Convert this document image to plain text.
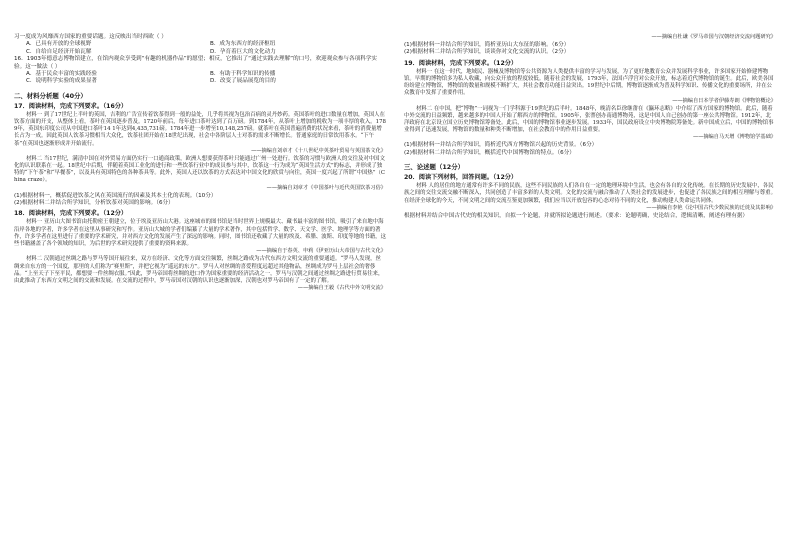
习一度成为风靡西方国家的重要话题。这反映出当时西欧（ ）

A．已具有开放的全球视野	B．成为东西方的经济枢纽

C．自给自足经济开始瓦解	D．孕育着巨大的文化动力

16．1903年德意志博物馆建立，在馆内观众享受到“有趣的机器作品”的愿望；相反，它推出了“通过实践去理解”的口号，欢迎观众参与各项科学实验。这一做法（ ）

A．基于民众丰富的实践经验	B．有助于科学知识的传播

C．说明科学实验的成果显著	D．改变了展品展览的目的

二、材料分析题（40分）

17．阅读材料，完成下列要求。（16分）

材料一 到了17世纪上半叶的英国，吉利的广告宣传着饮茶得到一般的益处，几乎将其视为包治百病的灵丹妙药。英国茶叶的进口数量在增加，英国人在饮茶方面的开支，从整体上看，茶叶在英国逐步普及。1720年前后，每年进口茶叶达到了百万磅。到1784年，从茶叶上增加的税收为一项丰厚的收入。1789年，英国东印度公司从中国进口茶叶14 1年达到4,435,731磅。1784年进一步增至10,148,257磅。就茶叶在英国普遍消费的状况来看，茶叶的消费量增长占为一成。因此英国人饮茶习惯相当大众化，饮茶社团开始在18世纪出现，社会中各阶层人士对茶的需求不断增长。普通家庭的日常饮用茶水。“下午茶”在英国也逐渐形成并开始流行。

——摘编自刘章才《十八世纪中英茶叶贸易与英国茶文化》

材料二 当17世纪，满清中国在对外贸易方面仍实行一口通商政策，欧洲人想要获得茶叶只能通过广州一处进行。饮茶的习惯与欧洲人的交往及对中国文化的认识联系在一起。18世纪中后期，伴随着英国工业化的进行和一些饮茶行业中的成员参与其中，饮茶这一行为成为“英国生活方式”的标志，并形成了独特的“下午茶”和“早餐茶”，以及具有英国特色的各种茶具等。此外，英国人还以饮茶的方式表达对中国文化的欣赏与向往，英国一度兴起了所谓“中国热”（China craze）。

——摘编自刘章才《中国茶叶与近代英国饮茶习俗》

(1)根据材料一，概括促进饮茶之风在英国流行的因素及其本土化的表现。（10分）

(2)根据材料二并结合所学知识，分析饮茶对英国的影响。（6分）

18．阅读材料，完成下列要求。（12分）

材料一 亚历山大图书馆由托勒密王朝建立，位于埃及亚历山大港。这座城市的图书馆是当时世界上规模最大、藏书最丰富的图书馆，吸引了来自地中海沿岸各地的学者，许多学者在这里从事研究和写作。亚历山大城的学者们编纂了大量的学术著作，其中包括哲学、数学、天文学、医学、地理学等方面的著作，许多学者在这里进行了重要的学术研究，并对西方文化的发展产生了深远的影响。同时，图书馆还收藏了大量的埃及、希腊、波斯、印度等地的书籍，这些书籍涵盖了各个领域的知识，为后世的学术研究提供了重要的资料来源。

——摘编自于春英、申莉《伊亚历山大帝国与古代文化》

材料二 汉朝通过丝绸之路与罗马等国开展往来，双方在经济、文化等方面交往频繁，丝绸之路成为古代东西方文明交流的重要通道。“罗马人发现，丝绸来自东方的一个国度，那里的人们称为“赛里斯”，并把它视为“遥远的东方”。罗马人对丝绸的喜爱程度远超过其他物品，丝绸成为罗马上层社会的奢侈品。“上至天子下至平民，都想要一件丝绸衣服。”因此，罗马帝国将丝绸的进口作为国家重要的经济活动之一，罗马与汉朝之间通过丝绸之路进行贸易往来，由此推动了东西方文明之间的交流和发展。在交流的过程中，罗马帝国对汉朝的认识也逐渐加深，汉朝也对罗马帝国有了一定的了解。

——摘编自王毅《古代中外文明交流》

——摘编自杜谦《罗马帝国与汉朝经济交流问题研究》

(1)根据材料一并结合所学知识，简析亚历山大东征的影响。（6分）

(2)根据材料二并结合所学知识，谈谈你对文化交流的认识。（2分）

19．阅读材料，完成下列要求。（12分）

材料一 在这一时代，地域民、器械及博物馆等公共资源为人类提供丰富的学习与发展，为了更好地教育公众并发展科学事业，许多国家开始修建博物馆。早期的博物馆多为私人收藏，向公众开放的程度较低。随着社会的发展，1793年，法国卢浮宫对公众开放，标志着近代博物馆的诞生。此后，欧美各国纷纷建立博物馆，博物馆的数量和规模不断扩大，其社会教育功能日益突出。19世纪中后期，博物馆逐渐成为普及科学知识、传播文化的重要场所，并在公众教育中发挥了重要作用。

——摘编自日本学者伊藤寿朗《博物馆概论》

材料二 在中国，把“博物”一词视为一门学科源于19世纪的后半叶。1848年，晚清名臣徐继畬在《瀛环志略》中介绍了西方国家的博物馆。此后，随着中外交流的日益频繁，越来越多的中国人开始了解西方的博物馆。1905年，张謇创办南通博物苑，这是中国人自己创办的第一座公共博物馆。1912年，北洋政府在北京设立国立历史博物馆筹备处。此后，中国的博物馆事业逐步发展。1933年，国民政府设立中央博物院筹备处。新中国成立后，中国的博物馆事业得到了迅速发展，博物馆的数量和种类不断增加，在社会教育中的作用日益重要。

——摘编自马天增《博物馆学基础》

(1)根据材料一并结合所学知识，简析近代西方博物馆兴起的历史背景。（6分）

(2)根据材料二并结合所学知识，概括近代中国博物馆的特点。（6分）

三、论述题（12分）

20．阅读下列材料，回答问题。（12分）

材料 人的居住的地方通常有许多不同的民族，这些不同民族的人们各自在一定的地理环境中生活，也会有各自的文化传统。在长期的历史发展中，各民族之间的交往交流交融不断深入，共同创造了丰富多彩的人类文明。文化的交流与融合推动了人类社会的发展进步，也促进了各民族之间的相互理解与尊重。在经济全球化的今天，不同文明之间的交流互鉴更加频繁，我们应当以开放包容的心态对待不同的文化，推动构建人类命运共同体。

——摘编自李艳《论中国古代少数民族的迁徙及其影响》

根据材料并结合中国古代史的相关知识，自拟一个论题，并就所拟论题进行阐述。（要求：论题明确，史论结合，逻辑清晰，阐述有理有据）
